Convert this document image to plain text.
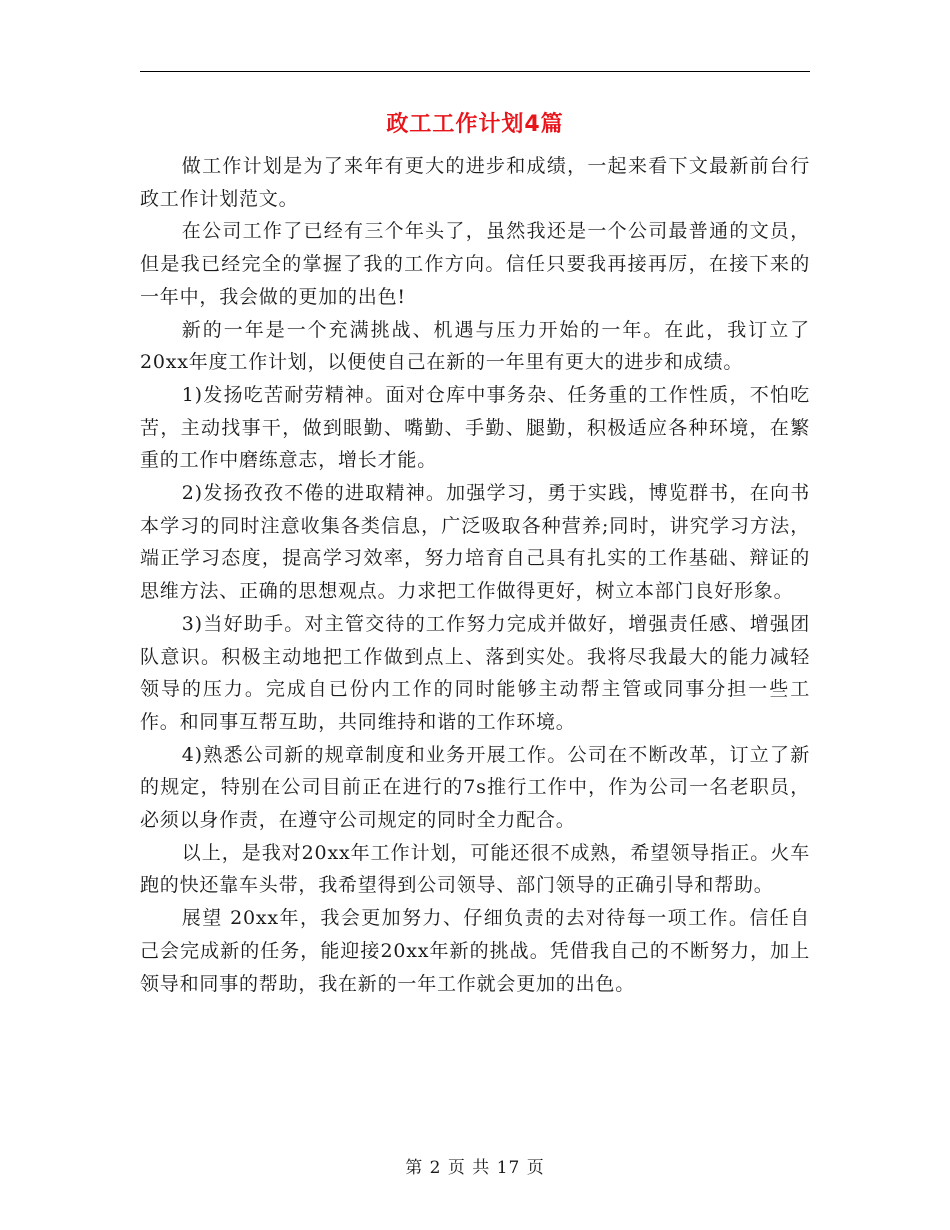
政工工作计划4篇

做工作计划是为了来年有更大的进步和成绩，一起来看下文最新前台行政工作计划范文。

在公司工作了已经有三个年头了，虽然我还是一个公司最普通的文员，但是我已经完全的掌握了我的工作方向。信任只要我再接再厉，在接下来的一年中，我会做的更加的出色!

新的一年是一个充满挑战、机遇与压力开始的一年。在此，我订立了20xx年度工作计划，以便使自己在新的一年里有更大的进步和成绩。

1)发扬吃苦耐劳精神。面对仓库中事务杂、任务重的工作性质，不怕吃苦，主动找事干，做到眼勤、嘴勤、手勤、腿勤，积极适应各种环境，在繁重的工作中磨练意志，增长才能。

2)发扬孜孜不倦的进取精神。加强学习，勇于实践，博览群书，在向书本学习的同时注意收集各类信息，广泛吸取各种营养;同时，讲究学习方法，端正学习态度，提高学习效率，努力培育自己具有扎实的工作基础、辩证的思维方法、正确的思想观点。力求把工作做得更好，树立本部门良好形象。

3)当好助手。对主管交待的工作努力完成并做好，增强责任感、增强团队意识。积极主动地把工作做到点上、落到实处。我将尽我最大的能力减轻领导的压力。完成自已份内工作的同时能够主动帮主管或同事分担一些工作。和同事互帮互助，共同维持和谐的工作环境。

4)熟悉公司新的规章制度和业务开展工作。公司在不断改革，订立了新的规定，特别在公司目前正在进行的7s推行工作中，作为公司一名老职员，必须以身作责，在遵守公司规定的同时全力配合。

以上，是我对20xx年工作计划，可能还很不成熟，希望领导指正。火车跑的快还靠车头带，我希望得到公司领导、部门领导的正确引导和帮助。

展望 20xx年，我会更加努力、仔细负责的去对待每一项工作。信任自己会完成新的任务，能迎接20xx年新的挑战。凭借我自己的不断努力，加上领导和同事的帮助，我在新的一年工作就会更加的出色。

第 2 页 共 17 页
